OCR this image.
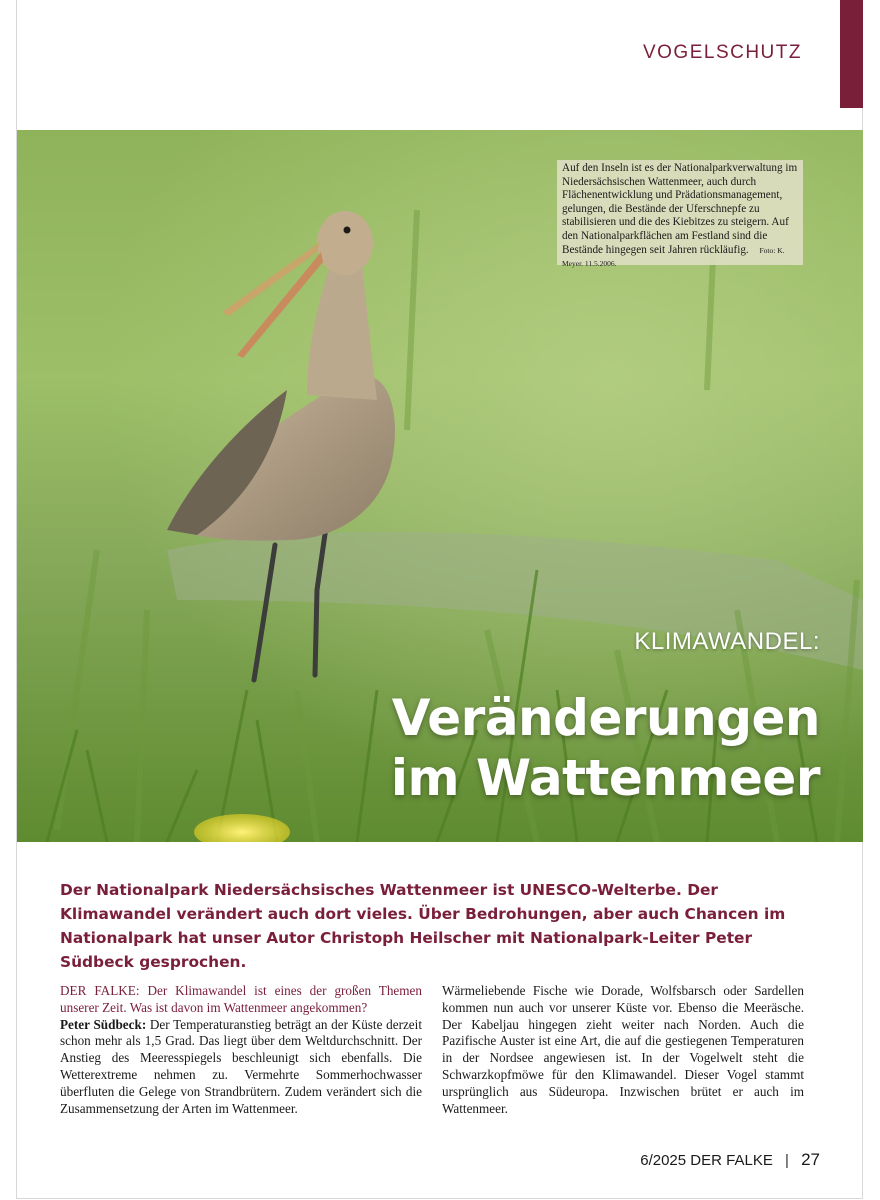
VOGELSCHUTZ
Auf den Inseln ist es der Nationalparkverwaltung im Niedersächsischen Wattenmeer, auch durch Flächenentwicklung und Prädationsmanagement, gelungen, die Bestände der Uferschnepfe zu stabilisieren und die des Kiebitzes zu steigern. Auf den Nationalparkflächen am Festland sind die Bestände hingegen seit Jahren rückläufig. Foto: K. Meyer. 11.5.2006.
KLIMAWANDEL:
Veränderungen
im Wattenmeer
Der Nationalpark Niedersächsisches Wattenmeer ist UNESCO-Welterbe. Der Klimawandel verändert auch dort vieles. Über Bedrohungen, aber auch Chancen im Nationalpark hat unser Autor Christoph Heilscher mit Nationalpark-Leiter Peter Südbeck gesprochen.
DER FALKE: Der Klimawandel ist eines der großen Themen unserer Zeit. Was ist davon im Wattenmeer angekommen?
Peter Südbeck: Der Temperaturanstieg beträgt an der Küste derzeit schon mehr als 1,5 Grad. Das liegt über dem Weltdurchschnitt. Der Anstieg des Meeresspiegels beschleunigt sich ebenfalls. Die Wetterextreme nehmen zu. Vermehrte Sommerhochwasser überfluten die Gelege von Strandbrütern. Zudem verändert sich die Zusammensetzung der Arten im Wattenmeer.
Wärmeliebende Fische wie Dorade, Wolfsbarsch oder Sardellen kommen nun auch vor unserer Küste vor. Ebenso die Meeräsche. Der Kabeljau hingegen zieht weiter nach Norden. Auch die Pazifische Auster ist eine Art, die auf die gestiegenen Temperaturen in der Nordsee angewiesen ist. In der Vogelwelt steht die Schwarzkopfmöwe für den Klimawandel. Dieser Vogel stammt ursprünglich aus Südeuropa. Inzwischen brütet er auch im Wattenmeer.
6/2025 DER FALKE | 27
